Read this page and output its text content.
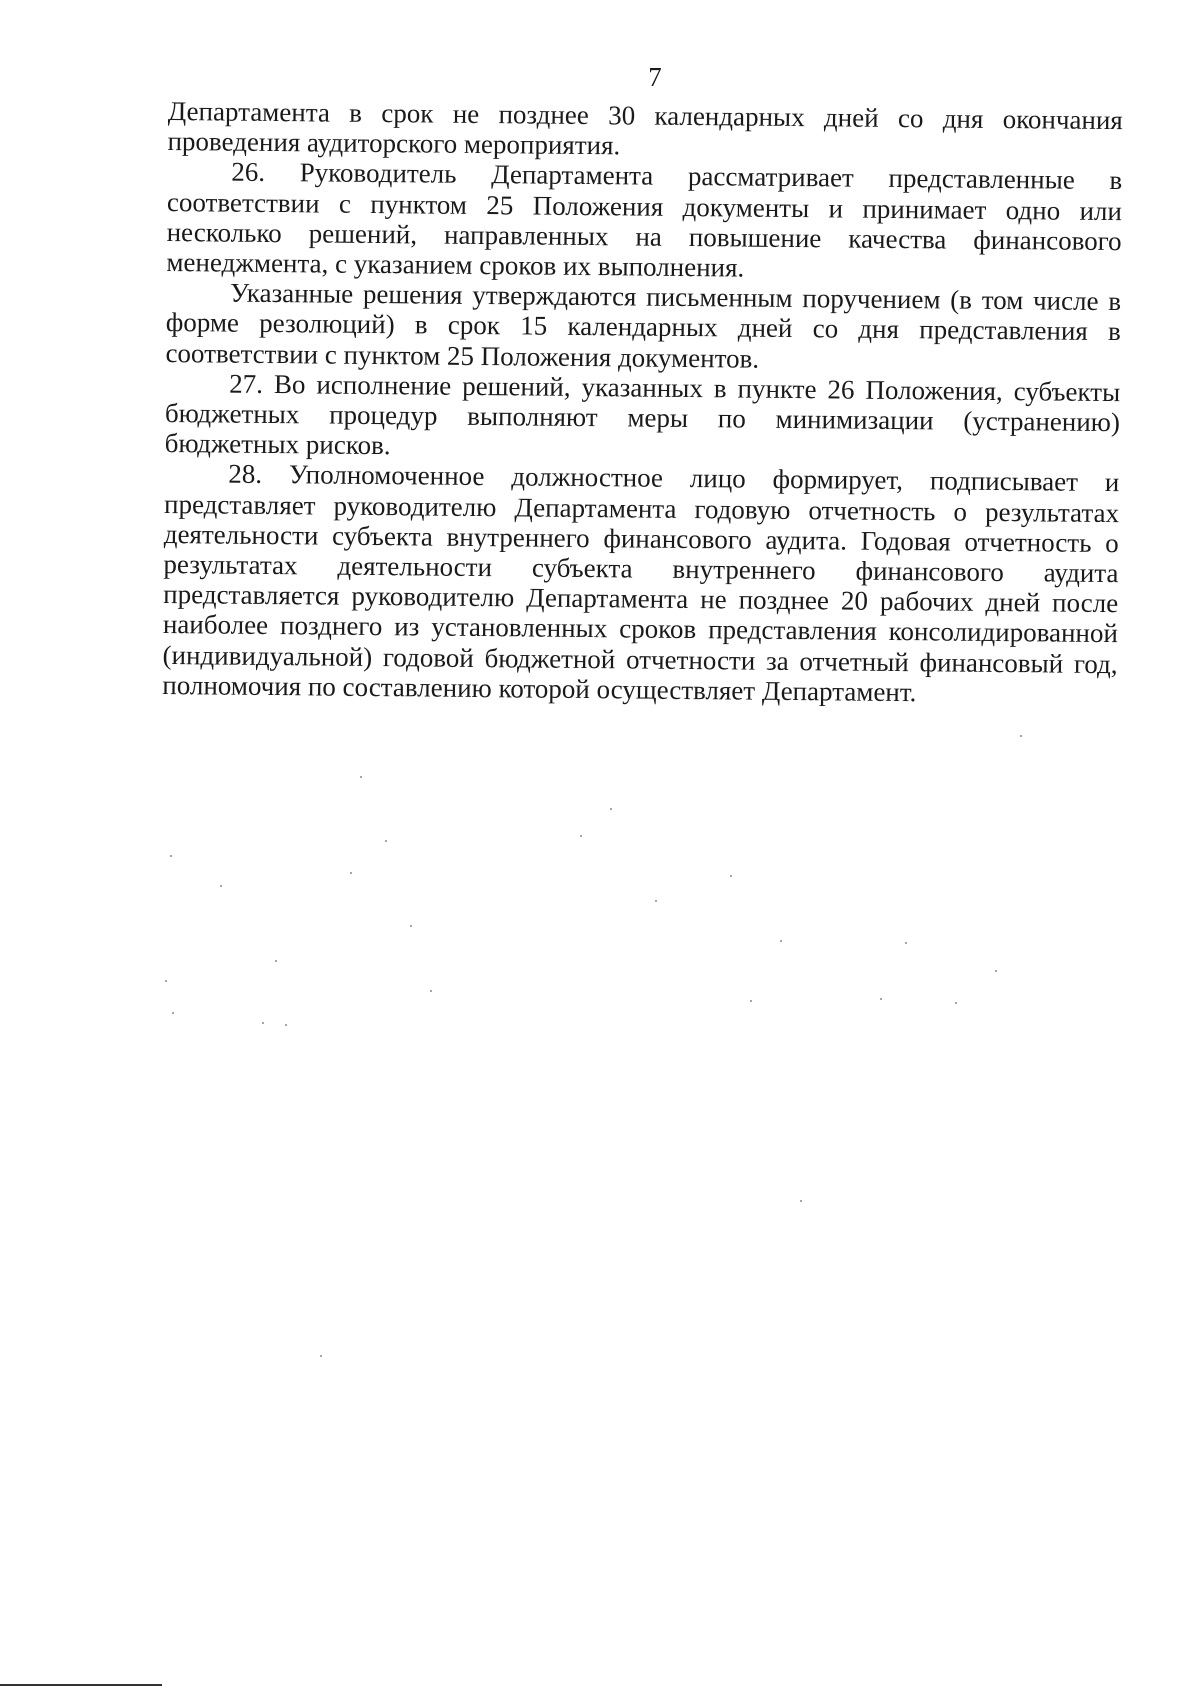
7

Департамента в срок не позднее 30 календарных дней со дня окончания проведения аудиторского мероприятия.

26. Руководитель Департамента рассматривает представленные в соответствии с пунктом 25 Положения документы и принимает одно или несколько решений, направленных на повышение качества финансового менеджмента, с указанием сроков их выполнения.

Указанные решения утверждаются письменным поручением (в том числе в форме резолюций) в срок 15 календарных дней со дня представления в соответствии с пунктом 25 Положения документов.

27. Во исполнение решений, указанных в пункте 26 Положения, субъекты бюджетных процедур выполняют меры по минимизации (устранению) бюджетных рисков.

28. Уполномоченное должностное лицо формирует, подписывает и представляет руководителю Департамента годовую отчетность о результатах деятельности субъекта внутреннего финансового аудита. Годовая отчетность о результатах деятельности субъекта внутреннего финансового аудита представляется руководителю Департамента не позднее 20 рабочих дней после наиболее позднего из установленных сроков представления консолидированной (индивидуальной) годовой бюджетной отчетности за отчетный финансовый год, полномочия по составлению которой осуществляет Департамент.
